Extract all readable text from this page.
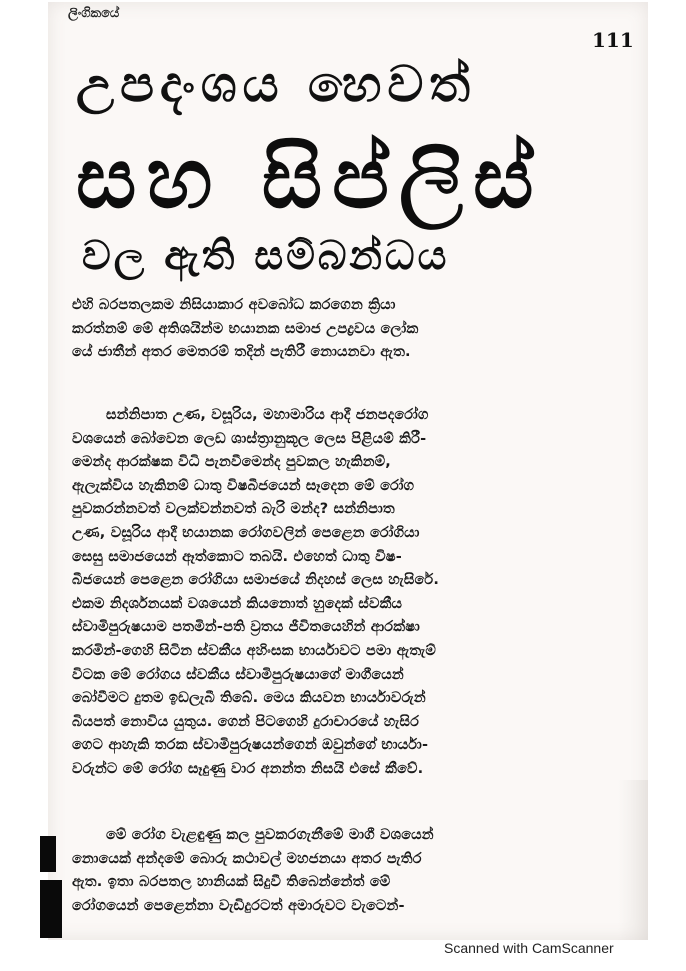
ලිංගිකයේ
111
උපදංශය හෙවත්
සහ සිප්ලිස්
වල ඇති සම්බන්ධය
එහි බරපතලකම නිසියාකාර අවබෝධ කරගෙන ක්‍රියා
කරත්නම් මේ අතිශයින්ම භයානක සමාජ උපද්‍රවය ලෝක
යේ ජාතීන් අතර මෙතරම් තදින් පැතිරී නොයනවා ඇත.
සන්නිපාත උණ, වසූරිය, මහාමාරිය ආදී ජනපදරෝග
වශයෙන් බෝවෙන ලෙඩ ශාස්ත්‍රානුකූල ලෙස පිළියම් කිරී-
මෙන්ද ආරක්ෂක විධි පැනවීමෙන්ද පුවකල හැකිනම්,
ඇලැක්විය හැකිනම් ධාතු විෂබීජයෙන් සෑදෙන මේ රෝග
පුවකරන්නවත් වලක්වන්නවත් බැරි මන්ද? සන්නිපාත
උණ, වසූරිය ආදී භයානක රෝගවලින් පෙළෙන රෝගියා
සෙසු සමාජයෙන් ඈත්කොට තබයි. එහෙත් ධාතු විෂ-
බීජයෙන් පෙළෙන රෝගියා සමාජයේ නිදහස් ලෙස හැසිරේ.
එකම නිදර්ශනයක් වශයෙන් කියනොත් හුදෙක් ස්වකීය
ස්වාමිපුරුෂයාම පතමින්-පති ව්‍රතය ජීවිතයෙහින් ආරක්ෂා
කරමින්-ගෙහි සිටින ස්වකීය අහිංසක භාර්යාවට පමා ඇතැම්
විටක මේ රෝගය ස්වකීය ස්වාමිපුරුෂයාගේ මාගීයෙන්
බෝවීමට දුතම ඉඩලැබී තිබේ. මෙය කියවන භාර්යාවරුන්
බියපත් නොවිය යුතුය. ගෙන් පිටගෙහි දුරාචාරයේ හැසිර
ගෙට ආහැකි තරක ස්වාමිපුරුෂයන්ගෙන් ඔවුන්ගේ භාර්යා-
වරුන්ට මේ රෝග සෑදුණු වාර අනන්ත නිසයි එසේ කීවේ.
මේ රෝග වැළඳුණු කල පුවකරගැනීමේ මාගී වශයෙන්
නොයෙක් අන්දමේ බොරු කථාවල් මහජනයා අතර පැතිර
ඇත. ඉතා බරපතල හානියක් සිදුවී තිබෙන්නේත් මේ
රෝගයෙන් පෙළෙන්නා වැඩිදුරටත් අමාරුවට වැටෙන්-
Scanned with CamScanner
